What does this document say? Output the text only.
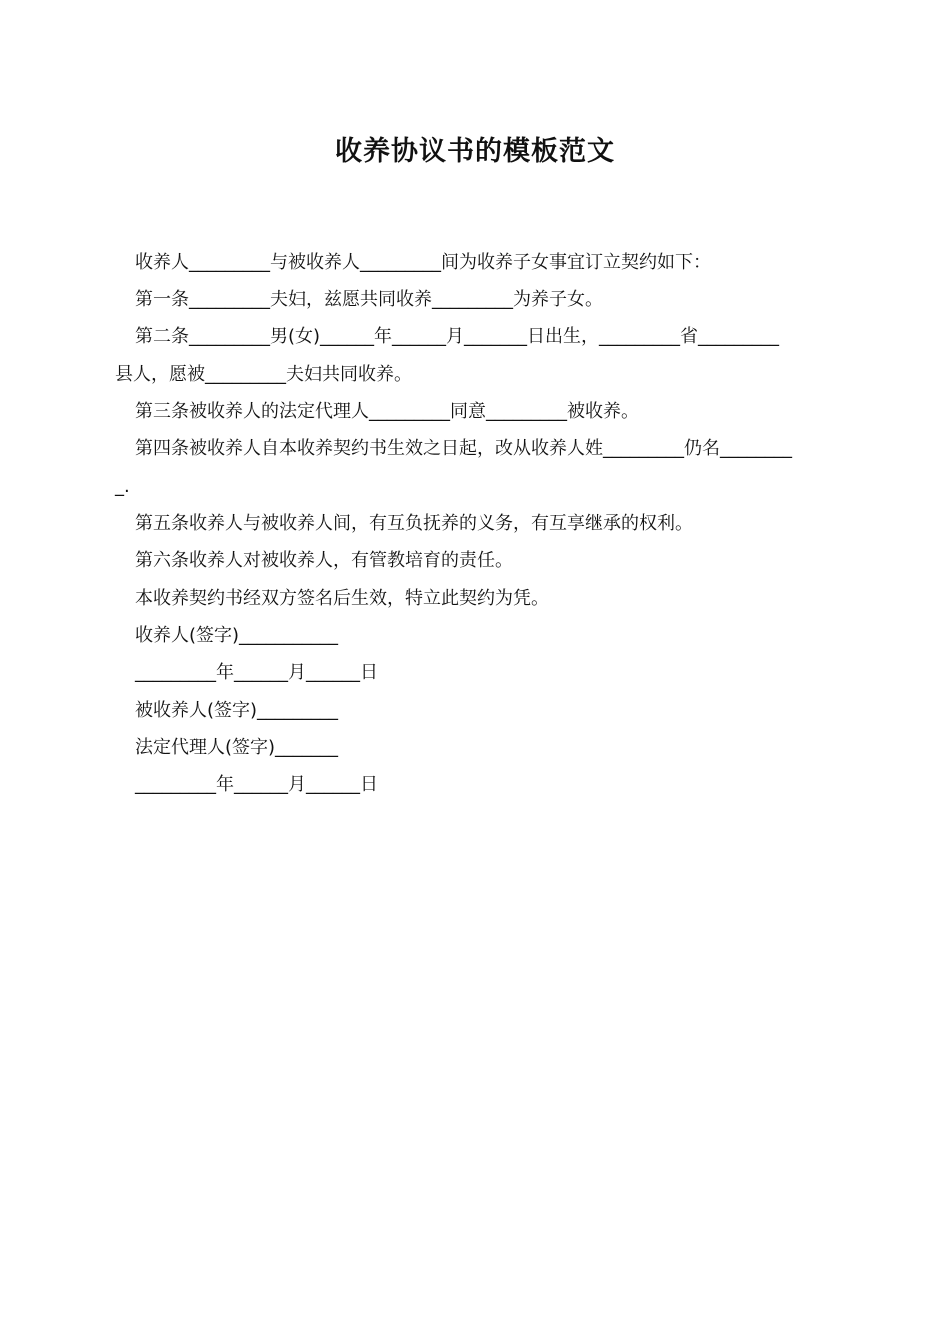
收养协议书的模板范文
收养人_________与被收养人_________间为收养子女事宜订立契约如下：
第一条_________夫妇，兹愿共同收养_________为养子女。
第二条_________男(女)______年______月_______日出生，_________省_________
县人，愿被_________夫妇共同收养。
第三条被收养人的法定代理人_________同意_________被收养。
第四条被收养人自本收养契约书生效之日起，改从收养人姓_________仍名________
_.
第五条收养人与被收养人间，有互负抚养的义务，有互享继承的权利。
第六条收养人对被收养人，有管教培育的责任。
本收养契约书经双方签名后生效，特立此契约为凭。
收养人(签字)___________
_________年______月______日
被收养人(签字)_________
法定代理人(签字)_______
_________年______月______日
